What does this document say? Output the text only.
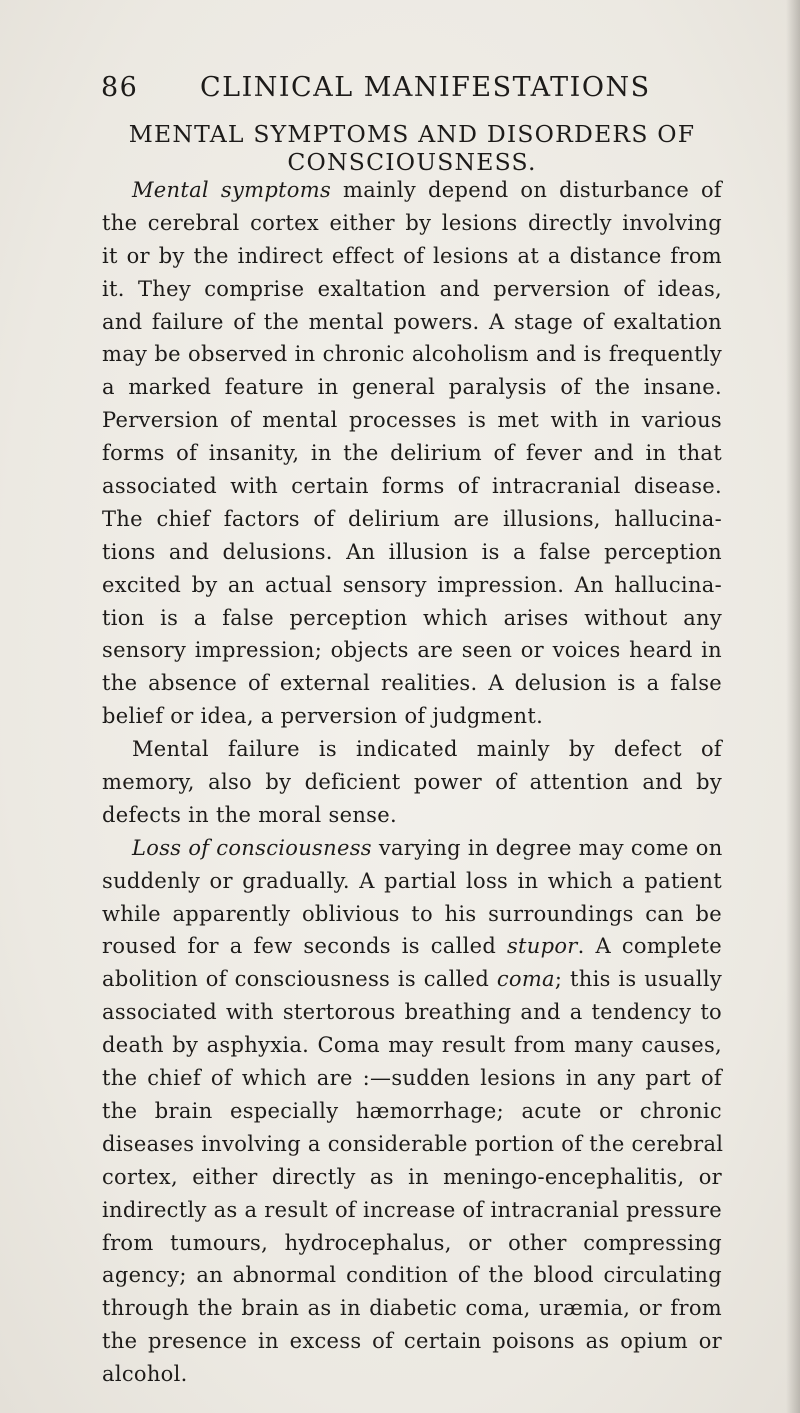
86 CLINICAL MANIFESTATIONS
MENTAL SYMPTOMS AND DISORDERS OF
CONSCIOUSNESS.
Mental symptoms mainly depend on disturbance of
the cerebral cortex either by lesions directly involving
it or by the indirect effect of lesions at a distance from
it. They comprise exaltation and perversion of ideas,
and failure of the mental powers. A stage of exaltation
may be observed in chronic alcoholism and is frequently
a marked feature in general paralysis of the insane.
Perversion of mental processes is met with in various
forms of insanity, in the delirium of fever and in that
associated with certain forms of intracranial disease.
The chief factors of delirium are illusions, hallucina-
tions and delusions. An illusion is a false perception
excited by an actual sensory impression. An hallucina-
tion is a false perception which arises without any
sensory impression; objects are seen or voices heard in
the absence of external realities. A delusion is a false
belief or idea, a perversion of judgment.
Mental failure is indicated mainly by defect of
memory, also by deficient power of attention and by
defects in the moral sense.
Loss of consciousness varying in degree may come on
suddenly or gradually. A partial loss in which a patient
while apparently oblivious to his surroundings can be
roused for a few seconds is called stupor. A complete
abolition of consciousness is called coma; this is usually
associated with stertorous breathing and a tendency to
death by asphyxia. Coma may result from many causes,
the chief of which are :—sudden lesions in any part of
the brain especially hæmorrhage; acute or chronic
diseases involving a considerable portion of the cerebral
cortex, either directly as in meningo-encephalitis, or
indirectly as a result of increase of intracranial pressure
from tumours, hydrocephalus, or other compressing
agency; an abnormal condition of the blood circulating
through the brain as in diabetic coma, uræmia, or from
the presence in excess of certain poisons as opium or
alcohol.
